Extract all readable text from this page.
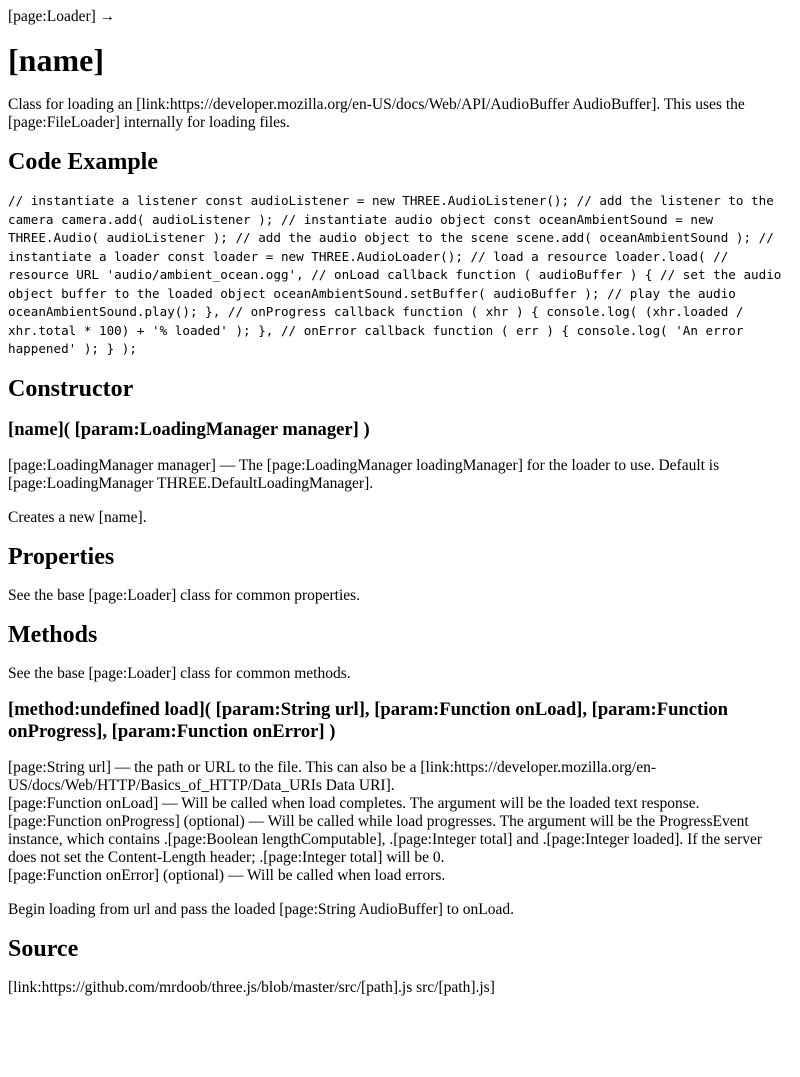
[page:Loader] →

[name]

Class for loading an [link:https://developer.mozilla.org/en-US/docs/Web/API/AudioBuffer AudioBuffer]. This uses the [page:FileLoader] internally for loading files.

Code Example

// instantiate a listener const audioListener = new THREE.AudioListener(); // add the listener to the camera camera.add( audioListener ); // instantiate audio object const oceanAmbientSound = new THREE.Audio( audioListener ); // add the audio object to the scene scene.add( oceanAmbientSound ); // instantiate a loader const loader = new THREE.AudioLoader(); // load a resource loader.load( // resource URL 'audio/ambient_ocean.ogg', // onLoad callback function ( audioBuffer ) { // set the audio object buffer to the loaded object oceanAmbientSound.setBuffer( audioBuffer ); // play the audio oceanAmbientSound.play(); }, // onProgress callback function ( xhr ) { console.log( (xhr.loaded / xhr.total * 100) + '% loaded' ); }, // onError callback function ( err ) { console.log( 'An error happened' ); } );

Constructor
[name]( [param:LoadingManager manager] )

[page:LoadingManager manager] — The [page:LoadingManager loadingManager] for the loader to use. Default is [page:LoadingManager THREE.DefaultLoadingManager].

Creates a new [name].

Properties

See the base [page:Loader] class for common properties.

Methods

See the base [page:Loader] class for common methods.

[method:undefined load]( [param:String url], [param:Function onLoad], [param:Function onProgress], [param:Function onError] )
[page:String url] — the path or URL to the file. This can also be a [link:https://developer.mozilla.org/en-US/docs/Web/HTTP/Basics_of_HTTP/Data_URIs Data URI].
[page:Function onLoad] — Will be called when load completes. The argument will be the loaded text response.
[page:Function onProgress] (optional) — Will be called while load progresses. The argument will be the ProgressEvent instance, which contains .[page:Boolean lengthComputable], .[page:Integer total] and .[page:Integer loaded]. If the server does not set the Content-Length header; .[page:Integer total] will be 0.
[page:Function onError] (optional) — Will be called when load errors.

Begin loading from url and pass the loaded [page:String AudioBuffer] to onLoad.

Source

[link:https://github.com/mrdoob/three.js/blob/master/src/[path].js src/[path].js]
